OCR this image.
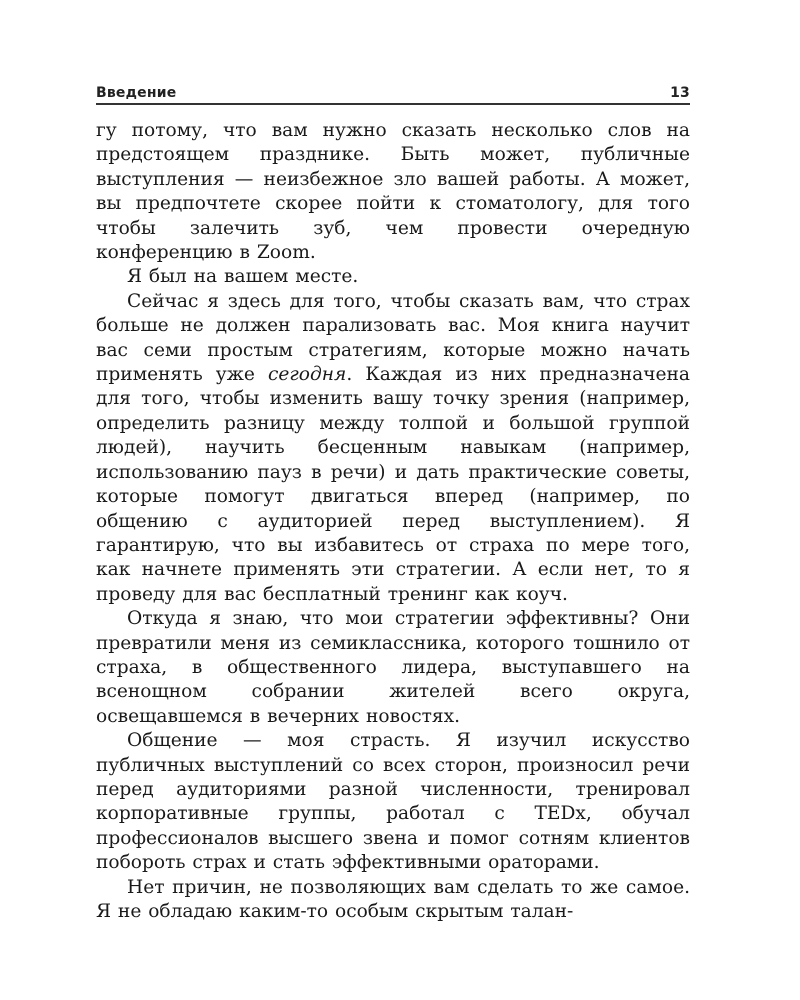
Введение	13

гу потому, что вам нужно сказать несколько слов на предстоящем празднике. Быть может, публичные выступления — неизбежное зло вашей работы. А может, вы предпочтете скорее пойти к стоматологу, для того чтобы залечить зуб, чем провести очередную конференцию в Zoom.

Я был на вашем месте.

Сейчас я здесь для того, чтобы сказать вам, что страх больше не должен парализовать вас. Моя книга научит вас семи простым стратегиям, которые можно начать применять уже сегодня. Каждая из них предназначена для того, чтобы изменить вашу точку зрения (например, определить разницу между толпой и большой группой людей), научить бесценным навыкам (например, использованию пауз в речи) и дать практические советы, которые помогут двигаться вперед (например, по общению с аудиторией перед выступлением). Я гарантирую, что вы избавитесь от страха по мере того, как начнете применять эти стратегии. А если нет, то я проведу для вас бесплатный тренинг как коуч.

Откуда я знаю, что мои стратегии эффективны? Они превратили меня из семиклассника, которого тошнило от страха, в общественного лидера, выступавшего на всенощном собрании жителей всего округа, освещавшемся в вечерних новостях.

Общение — моя страсть. Я изучил искусство публичных выступлений со всех сторон, произносил речи перед аудиториями разной численности, тренировал корпоративные группы, работал с TEDx, обучал профессионалов высшего звена и помог сотням клиентов побороть страх и стать эффективными ораторами.

Нет причин, не позволяющих вам сделать то же самое. Я не обладаю каким-то особым скрытым талан-
